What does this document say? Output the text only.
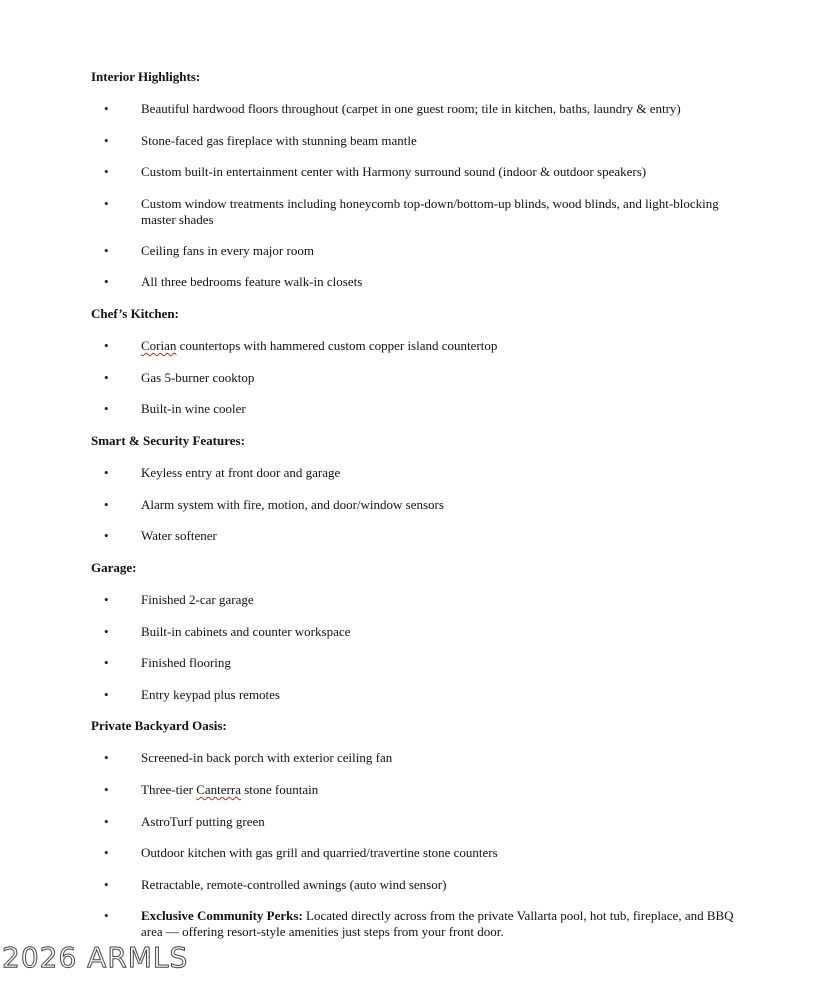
Interior Highlights:
•	Beautiful hardwood floors throughout (carpet in one guest room; tile in kitchen, baths, laundry & entry)
•	Stone-faced gas fireplace with stunning beam mantle
•	Custom built-in entertainment center with Harmony surround sound (indoor & outdoor speakers)
•	Custom window treatments including honeycomb top-down/bottom-up blinds, wood blinds, and light-blocking master shades
•	Ceiling fans in every major room
•	All three bedrooms feature walk-in closets
Chef’s Kitchen:
•	Corian countertops with hammered custom copper island countertop
•	Gas 5-burner cooktop
•	Built-in wine cooler
Smart & Security Features:
•	Keyless entry at front door and garage
•	Alarm system with fire, motion, and door/window sensors
•	Water softener
Garage:
•	Finished 2-car garage
•	Built-in cabinets and counter workspace
•	Finished flooring
•	Entry keypad plus remotes
Private Backyard Oasis:
•	Screened-in back porch with exterior ceiling fan
•	Three-tier Canterra stone fountain
•	AstroTurf putting green
•	Outdoor kitchen with gas grill and quarried/travertine stone counters
•	Retractable, remote-controlled awnings (auto wind sensor)
•	Exclusive Community Perks: Located directly across from the private Vallarta pool, hot tub, fireplace, and BBQ area — offering resort-style amenities just steps from your front door.
2026 ARMLS
